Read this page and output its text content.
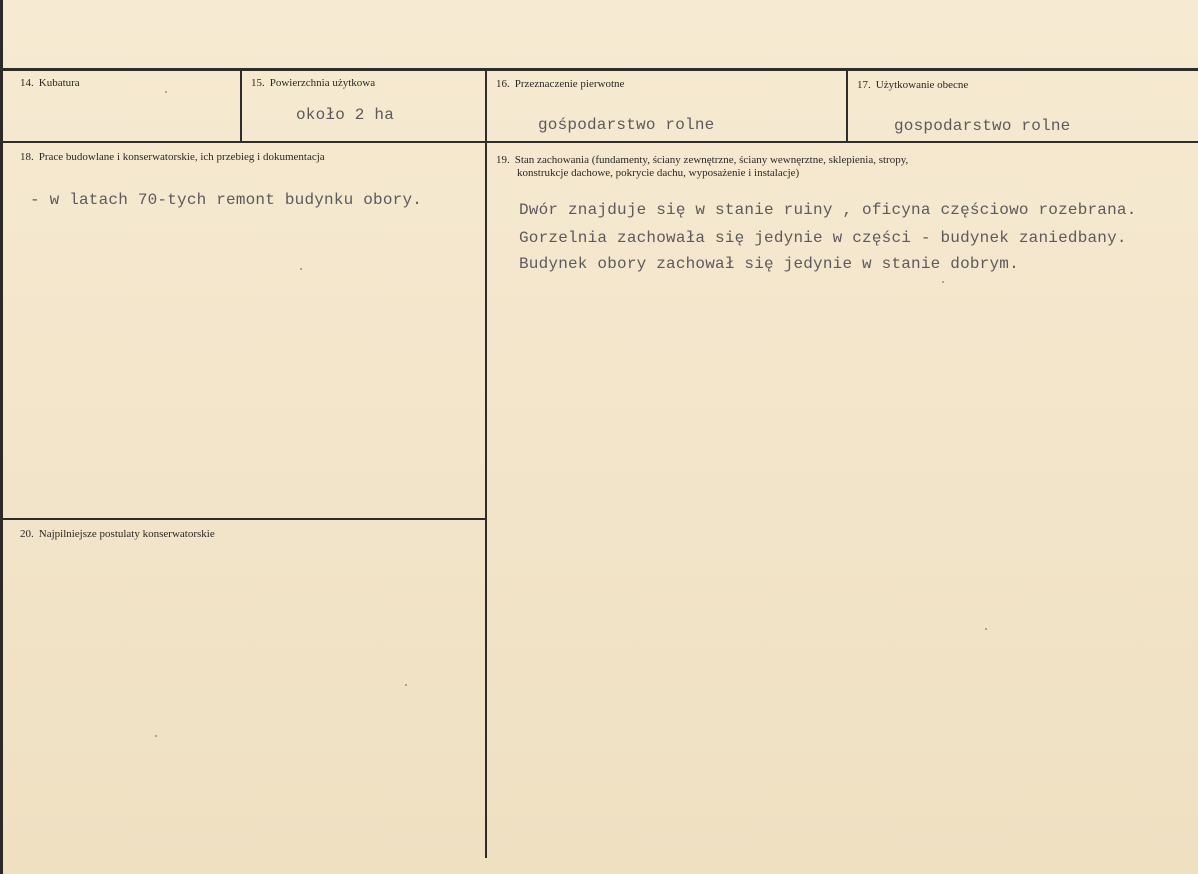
14. Kubatura	15. Powierzchnia użytkowa
około 2 ha
16. Przeznaczenie pierwotne
gośpodarstwo rolne
17. Użytkowanie obecne
gospodarstwo rolne
18. Prace budowlane i konserwatorskie, ich przebieg i dokumentacja
- w latach 70-tych remont budynku obory.
19. Stan zachowania (fundamenty, ściany zewnętrzne, ściany wewnęrztne, sklepienia, stropy,
konstrukcje dachowe, pokrycie dachu, wyposażenie i instalacje)
Dwór znajduje się w stanie ruiny , oficyna częściowo rozebrana.
Gorzelnia zachowała się jedynie w części - budynek zaniedbany.
Budynek obory zachował się jedynie w stanie dobrym.
20. Najpilniejsze postulaty konserwatorskie
